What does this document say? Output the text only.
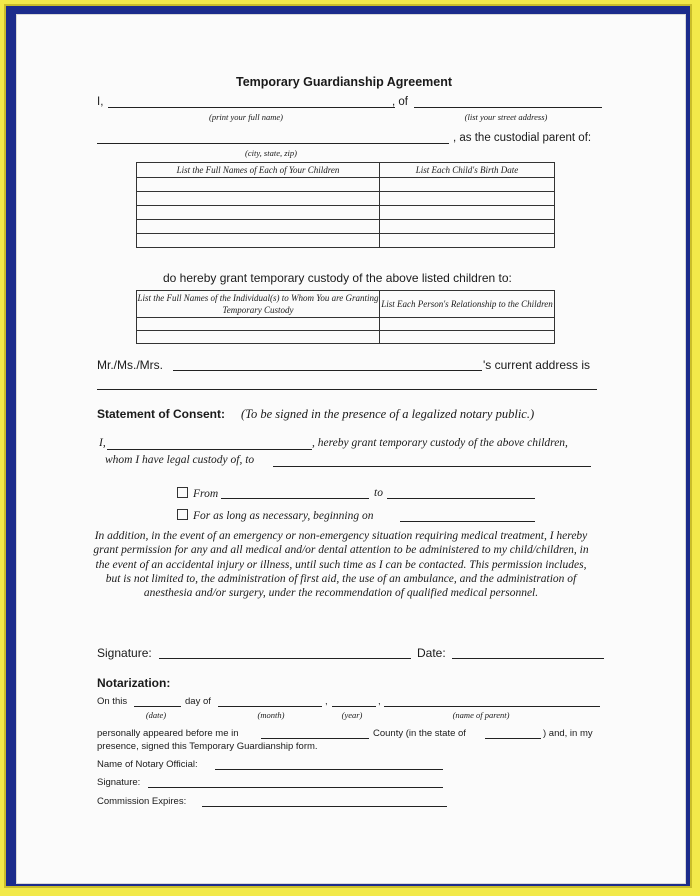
Temporary Guardianship Agreement
I,	, of
(print your full name)	(list your street address)
, as the custodial parent of:
(city, state, zip)
List the Full Names of Each of Your Children	List Each Child's Birth Date

do hereby grant temporary custody of the above listed children to:
List the Full Names of the Individual(s) to Whom You are Granting Temporary Custody	List Each Person's Relationship to the Children

Mr./Ms./Mrs.	's current address is
Statement of Consent: (To be signed in the presence of a legalized notary public.)
I,	, hereby grant temporary custody of the above children,
whom I have legal custody of, to
From	to
For as long as necessary, beginning on
In addition, in the event of an emergency or non-emergency situation requiring medical treatment, I hereby grant permission for any and all medical and/or dental attention to be administered to my child/children, in the event of an accidental injury or illness, until such time as I can be contacted. This permission includes, but is not limited to, the administration of first aid, the use of an ambulance, and the administration of anesthesia and/or surgery, under the recommendation of qualified medical personnel.
Signature:	Date:
Notarization:
On this	day of	,	,
(date)	(month)	(year)	(name of parent)
personally appeared before me in	County (in the state of	) and, in my
presence, signed this Temporary Guardianship form.
Name of Notary Official:
Signature:
Commission Expires:
